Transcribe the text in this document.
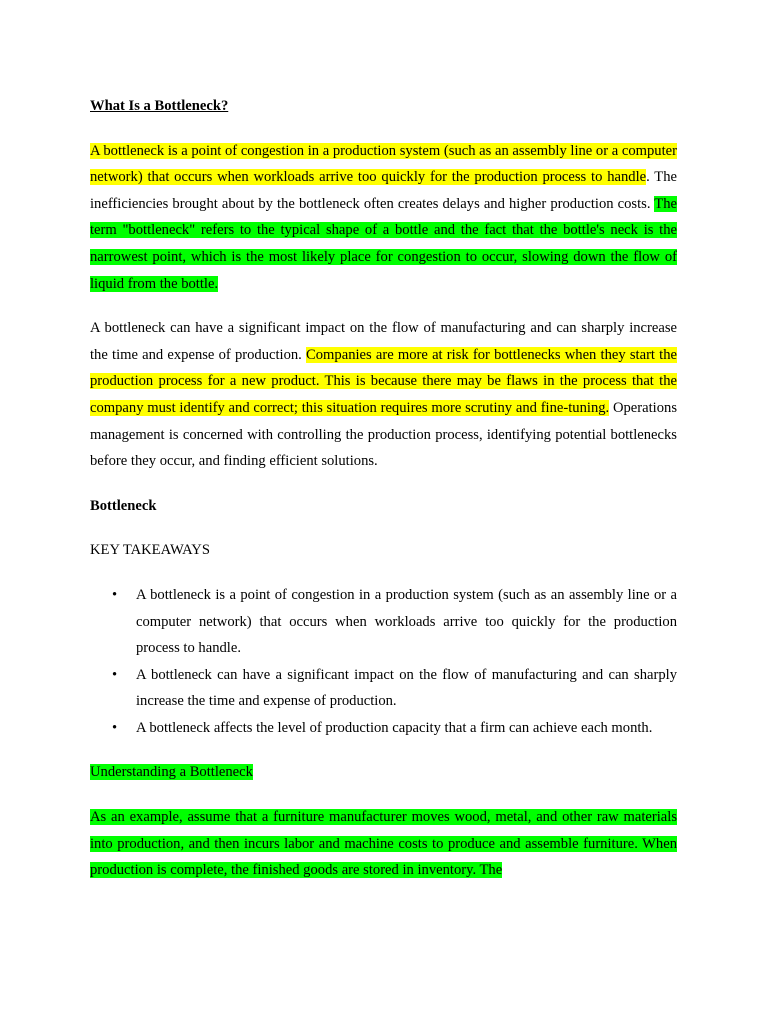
What Is a Bottleneck?

A bottleneck is a point of congestion in a production system (such as an assembly line or a computer network) that occurs when workloads arrive too quickly for the production process to handle. The inefficiencies brought about by the bottleneck often creates delays and higher production costs. The term "bottleneck" refers to the typical shape of a bottle and the fact that the bottle's neck is the narrowest point, which is the most likely place for congestion to occur, slowing down the flow of liquid from the bottle.

A bottleneck can have a significant impact on the flow of manufacturing and can sharply increase the time and expense of production. Companies are more at risk for bottlenecks when they start the production process for a new product. This is because there may be flaws in the process that the company must identify and correct; this situation requires more scrutiny and fine-tuning. Operations management is concerned with controlling the production process, identifying potential bottlenecks before they occur, and finding efficient solutions.

Bottleneck

KEY TAKEAWAYS

• A bottleneck is a point of congestion in a production system (such as an assembly line or a computer network) that occurs when workloads arrive too quickly for the production process to handle.
• A bottleneck can have a significant impact on the flow of manufacturing and can sharply increase the time and expense of production.
• A bottleneck affects the level of production capacity that a firm can achieve each month.

Understanding a Bottleneck

As an example, assume that a furniture manufacturer moves wood, metal, and other raw materials into production, and then incurs labor and machine costs to produce and assemble furniture. When production is complete, the finished goods are stored in inventory. The
